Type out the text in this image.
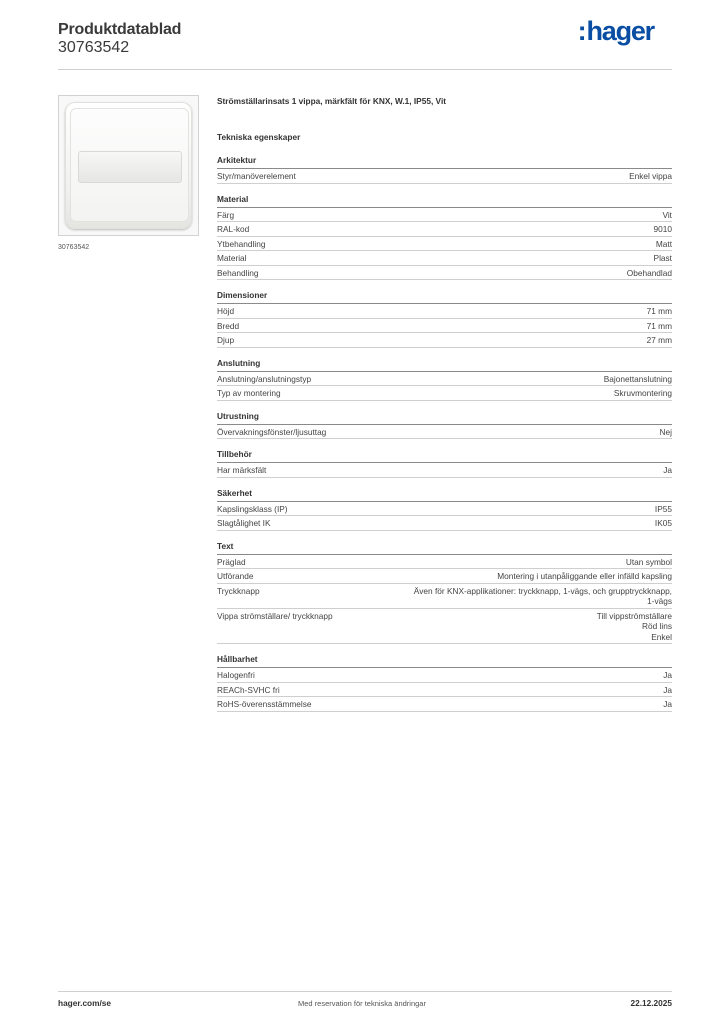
Produktdatablad
30763542
:hager
30763542
Strömställarinsats 1 vippa, märkfält för KNX, W.1, IP55, Vit
Tekniska egenskaper
Arkitektur
Styr/manöverelement	Enkel vippa
Material
Färg	Vit
RAL-kod	9010
Ytbehandling	Matt
Material	Plast
Behandling	Obehandlad
Dimensioner
Höjd	71 mm
Bredd	71 mm
Djup	27 mm
Anslutning
Anslutning/anslutningstyp	Bajonettanslutning
Typ av montering	Skruvmontering
Utrustning
Övervakningsfönster/ljusuttag	Nej
Tillbehör
Har märksfält	Ja
Säkerhet
Kapslingsklass (IP)	IP55
Slagtålighet IK	IK05
Text
Präglad	Utan symbol
Utförande	Montering i utanpåliggande eller infälld kapsling
Tryckknapp	Även för KNX-applikationer: tryckknapp, 1-vägs, och grupptryckknapp,
1-vägs
Vippa strömställare/ tryckknapp	Till vippströmställare
Röd lins
Enkel
Hållbarhet
Halogenfri	Ja
REACh-SVHC fri	Ja
RoHS-överensstämmelse	Ja
hager.com/se	Med reservation för tekniska ändringar	22.12.2025
